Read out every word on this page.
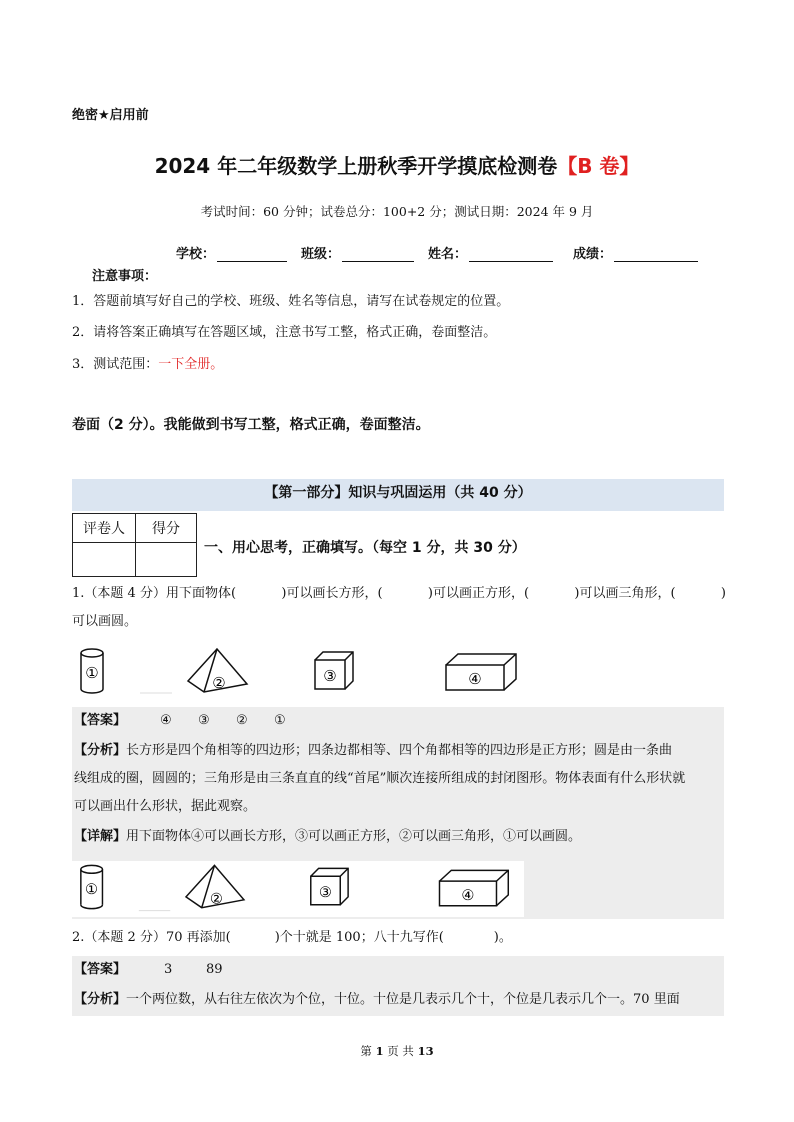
绝密★启用前
2024 年二年级数学上册秋季开学摸底检测卷【B 卷】
考试时间：60 分钟；试卷总分：100+2 分；测试日期：2024 年 9 月
学校：	班级：	姓名：	成绩：
注意事项：
1．答题前填写好自己的学校、班级、姓名等信息，请写在试卷规定的位置。
2．请将答案正确填写在答题区域，注意书写工整，格式正确，卷面整洁。
3．测试范围：一下全册。
卷面（2 分）。我能做到书写工整，格式正确，卷面整洁。
【第一部分】知识与巩固运用（共 40 分）
评卷人	得分

一、用心思考，正确填写。（每空 1 分，共 30 分）
1.（本题 4 分）用下面物体(	)可以画长方形，(	)可以画正方形，(	)可以画三角形，(	)
可以画圆。
①
②	③	④
【答案】	④ ③ ② ①
【分析】长方形是四个角相等的四边形；四条边都相等、四个角都相等的四边形是正方形；圆是由一条曲
线组成的圈，圆圆的；三角形是由三条直直的线“首尾”顺次连接所组成的封闭图形。物体表面有什么形状就
可以画出什么形状，据此观察。
【详解】用下面物体④可以画长方形，③可以画正方形，②可以画三角形，①可以画圆。
①
②	③	④
2.（本题 2 分）70 再添加(	)个十就是 100；八十九写作(	)。
【答案】	3	89
【分析】一个两位数，从右往左依次为个位，十位。十位是几表示几个十，个位是几表示几个一。70 里面
第 1 页 共 13
